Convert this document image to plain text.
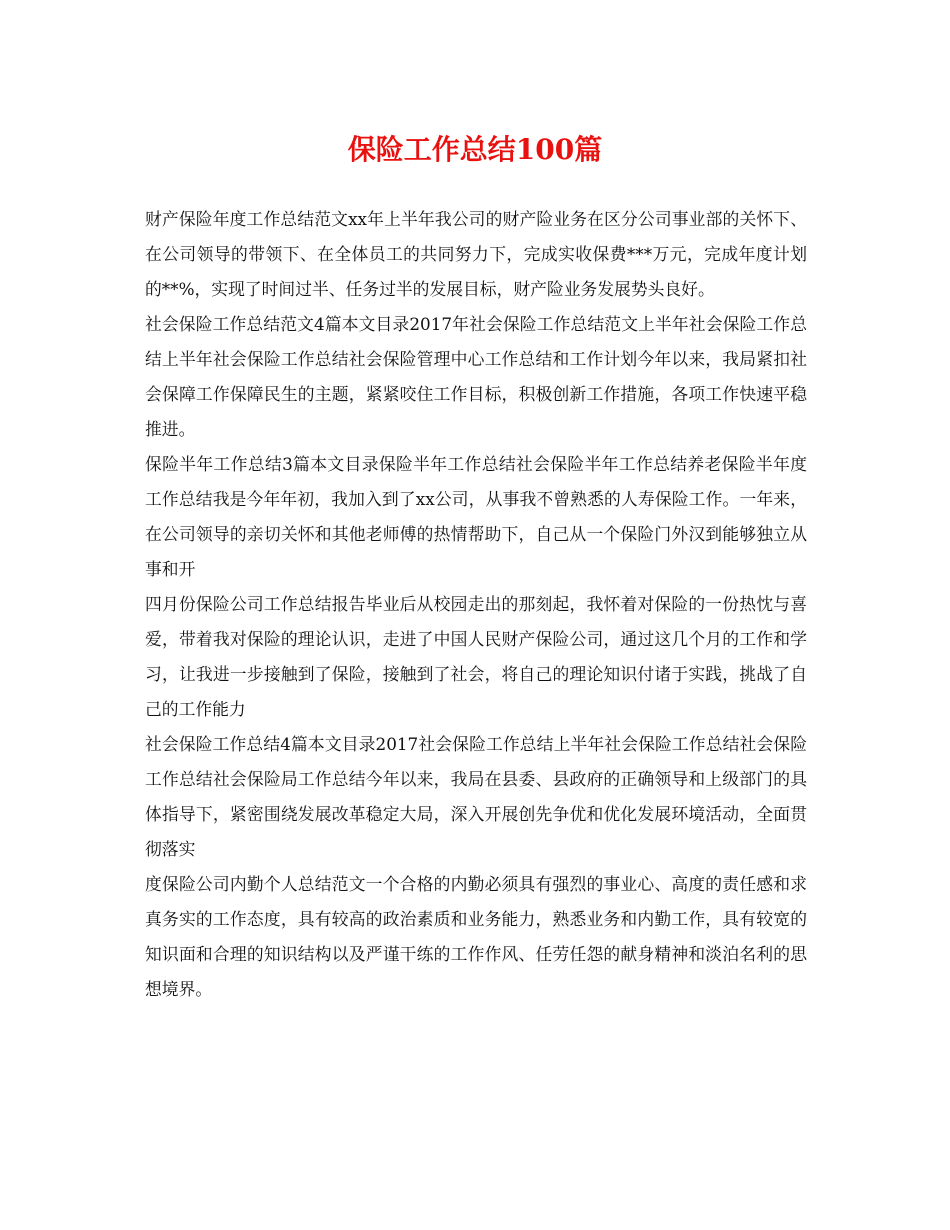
保险工作总结100篇

财产保险年度工作总结范文xx年上半年我公司的财产险业务在区分公司事业部的关怀下、在公司领导的带领下、在全体员工的共同努力下，完成实收保费***万元，完成年度计划的**%，实现了时间过半、任务过半的发展目标，财产险业务发展势头良好。

社会保险工作总结范文4篇本文目录2017年社会保险工作总结范文上半年社会保险工作总结上半年社会保险工作总结社会保险管理中心工作总结和工作计划今年以来，我局紧扣社会保障工作保障民生的主题，紧紧咬住工作目标，积极创新工作措施，各项工作快速平稳推进。

保险半年工作总结3篇本文目录保险半年工作总结社会保险半年工作总结养老保险半年度工作总结我是今年年初，我加入到了xx公司，从事我不曾熟悉的人寿保险工作。一年来，在公司领导的亲切关怀和其他老师傅的热情帮助下，自己从一个保险门外汉到能够独立从事和开

四月份保险公司工作总结报告毕业后从校园走出的那刻起，我怀着对保险的一份热忱与喜爱，带着我对保险的理论认识，走进了中国人民财产保险公司，通过这几个月的工作和学习，让我进一步接触到了保险，接触到了社会，将自己的理论知识付诸于实践，挑战了自己的工作能力

社会保险工作总结4篇本文目录2017社会保险工作总结上半年社会保险工作总结社会保险工作总结社会保险局工作总结今年以来，我局在县委、县政府的正确领导和上级部门的具体指导下，紧密围绕发展改革稳定大局，深入开展创先争优和优化发展环境活动，全面贯彻落实

度保险公司内勤个人总结范文一个合格的内勤必须具有强烈的事业心、高度的责任感和求真务实的工作态度，具有较高的政治素质和业务能力，熟悉业务和内勤工作，具有较宽的知识面和合理的知识结构以及严谨干练的工作作风、任劳任怨的献身精神和淡泊名利的思想境界。
